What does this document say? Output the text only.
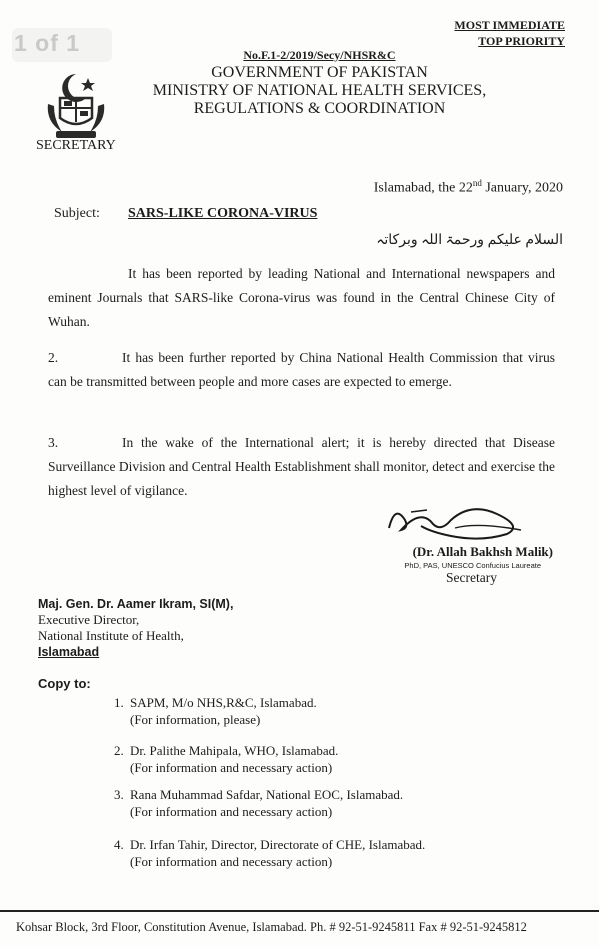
1 of 1
MOST IMMEDIATE
TOP PRIORITY
No.F.1-2/2019/Secy/NHSR&C
GOVERNMENT OF PAKISTAN
MINISTRY OF NATIONAL HEALTH SERVICES,
REGULATIONS & COORDINATION
SECRETARY
Islamabad, the 22nd January, 2020
Subject: SARS-LIKE CORONA-VIRUS
السلام علیکم ورحمۃ اللہ وبرکاتہ
It has been reported by leading National and International newspapers and eminent Journals that SARS-like Corona-virus was found in the Central Chinese City of Wuhan.
2.	It has been further reported by China National Health Commission that virus can be transmitted between people and more cases are expected to emerge.
3.	In the wake of the International alert; it is hereby directed that Disease Surveillance Division and Central Health Establishment shall monitor, detect and exercise the highest level of vigilance.
(Dr. Allah Bakhsh Malik)
PhD, PAS, UNESCO Confucius Laureate
Secretary
Maj. Gen. Dr. Aamer Ikram, SI(M),
Executive Director,
National Institute of Health,
Islamabad
Copy to:
1. SAPM, M/o NHS,R&C, Islamabad.
(For information, please)
2. Dr. Palithe Mahipala, WHO, Islamabad.
(For information and necessary action)
3. Rana Muhammad Safdar, National EOC, Islamabad.
(For information and necessary action)
4. Dr. Irfan Tahir, Director, Directorate of CHE, Islamabad.
(For information and necessary action)
Kohsar Block, 3rd Floor, Constitution Avenue, Islamabad. Ph. # 92-51-9245811 Fax # 92-51-9245812
